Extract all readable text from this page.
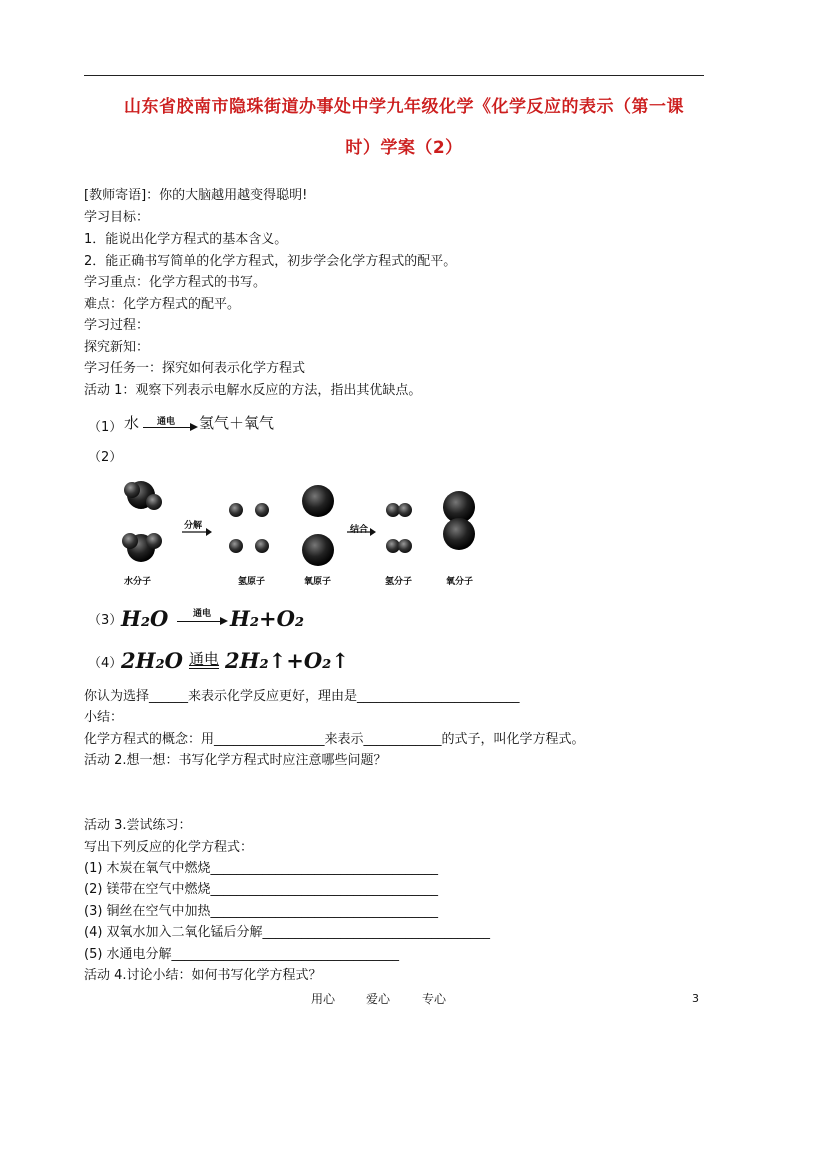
山东省胶南市隐珠街道办事处中学九年级化学《化学反应的表示（第一课
时）学案（2）
[教师寄语]：你的大脑越用越变得聪明!
学习目标：
1．能说出化学方程式的基本含义。
2．能正确书写简单的化学方程式，初步学会化学方程式的配平。
学习重点：化学方程式的书写。
难点：化学方程式的配平。
学习过程：
探究新知：
学习任务一：探究如何表示化学方程式
活动 1：观察下列表示电解水反应的方法，指出其优缺点。
（1） 水 通电 氢气＋氧气
（2）
分解	结合
水分子	氢原子	氧原子	氢分子	氧分子
（3）
H₂O	通电 H₂+O₂
（4）
2H₂O 通电 2H₂↑+O₂↑
你认为选择______来表示化学反应更好，理由是_________________________
小结：
化学方程式的概念：用_________________来表示____________的式子，叫化学方程式。
活动 2.想一想：书写化学方程式时应注意哪些问题？
活动 3.尝试练习：
写出下列反应的化学方程式：
(1) 木炭在氧气中燃烧___________________________________
(2) 镁带在空气中燃烧___________________________________
(3) 铜丝在空气中加热___________________________________
(4) 双氧水加入二氧化锰后分解___________________________________
(5) 水通电分解___________________________________
活动 4.讨论小结：如何书写化学方程式？
用心	爱心	专心	3
